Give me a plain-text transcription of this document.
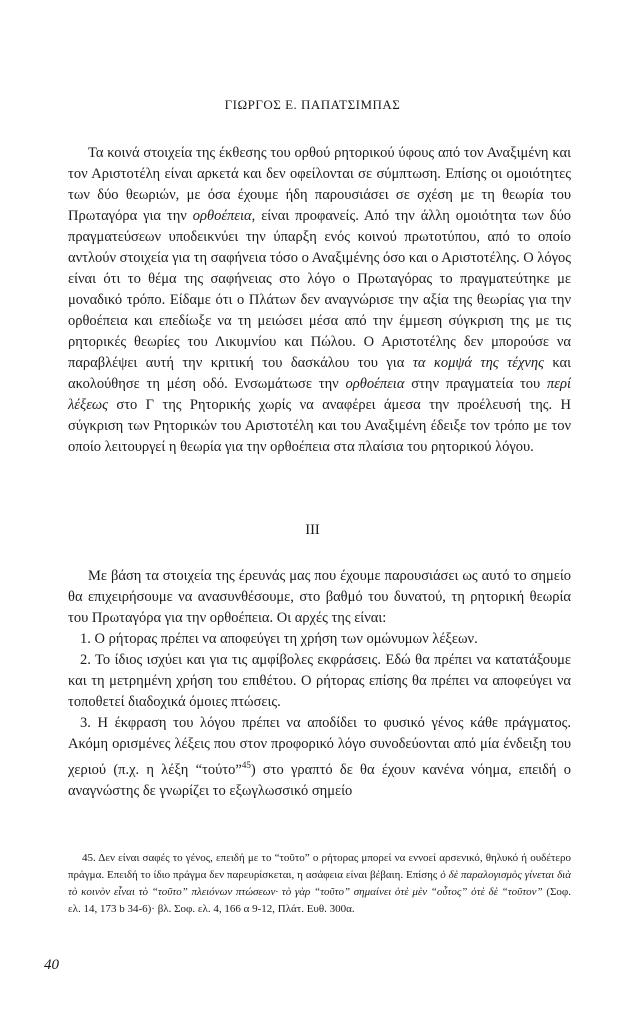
ΓΙΩΡΓΟΣ Ε. ΠΑΠΑΤΣΙΜΠΑΣ

Τα κοινά στοιχεία της έκθεσης του ορθού ρητορικού ύφους από τον Αναξιμένη και τον Αριστοτέλη είναι αρκετά και δεν οφείλονται σε σύμπτωση. Επίσης οι ομοιότητες των δύο θεωριών, με όσα έχουμε ήδη παρουσιάσει σε σχέση με τη θεωρία του Πρωταγόρα για την ορθοέπεια, είναι προφανείς. Από την άλλη ομοιότητα των δύο πραγματεύσεων υποδεικνύει την ύπαρξη ενός κοινού πρωτοτύπου, από το οποίο αντλούν στοιχεία για τη σαφήνεια τόσο ο Αναξιμένης όσο και ο Αριστοτέλης. Ο λόγος είναι ότι το θέμα της σαφήνειας στο λόγο ο Πρωταγόρας το πραγματεύτηκε με μοναδικό τρόπο. Είδαμε ότι ο Πλάτων δεν αναγνώρισε την αξία της θεωρίας για την ορθοέπεια και επεδίωξε να τη μειώσει μέσα από την έμμεση σύγκριση της με τις ρητορικές θεωρίες του Λικυμνίου και Πώλου. Ο Αριστοτέλης δεν μπορούσε να παραβλέψει αυτή την κριτική του δασκάλου του για τα κομψά της τέχνης και ακολούθησε τη μέση οδό. Ενσωμάτωσε την ορθοέπεια στην πραγματεία του περί λέξεως στο Γ της Ρητορικής χωρίς να αναφέρει άμεσα την προέλευσή της. Η σύγκριση των Ρητορικών του Αριστοτέλη και του Αναξιμένη έδειξε τον τρόπο με τον οποίο λειτουργεί η θεωρία για την ορθοέπεια στα πλαίσια του ρητορικού λόγου.

III

Με βάση τα στοιχεία της έρευνάς μας που έχουμε παρουσιάσει ως αυτό το σημείο θα επιχειρήσουμε να ανασυνθέσουμε, στο βαθμό του δυνατού, τη ρητορική θεωρία του Πρωταγόρα για την ορθοέπεια. Οι αρχές της είναι:

1. Ο ρήτορας πρέπει να αποφεύγει τη χρήση των ομώνυμων λέξεων.

2. Το ίδιος ισχύει και για τις αμφίβολες εκφράσεις. Εδώ θα πρέπει να κατατάξουμε και τη μετρημένη χρήση του επιθέτου. Ο ρήτορας επίσης θα πρέπει να αποφεύγει να τοποθετεί διαδοχικά όμοιες πτώσεις.

3. Η έκφραση του λόγου πρέπει να αποδίδει το φυσικό γένος κάθε πράγματος. Ακόμη ορισμένες λέξεις που στον προφορικό λόγο συνοδεύονται από μία ένδειξη του χεριού (π.χ. η λέξη “τούτο”$^{45}$) στο γραπτό δε θα έχουν κανένα νόημα, επειδή ο αναγνώστης δε γνωρίζει το εξωγλωσσικό σημείο

45. Δεν είναι σαφές το γένος, επειδή με το “τοῦτο” ο ρήτορας μπορεί να εννοεί αρσενικό, θηλυκό ή ουδέτερο πράγμα. Επειδή το ίδιο πράγμα δεν παρευρίσκεται, η ασάφεια είναι βέβαιη. Επίσης ὁ δὲ παραλογισμὸς γίνεται διὰ τὸ κοινὸν εἶναι τὸ “τοῦτο” πλειόνων πτώσεων· τὸ γὰρ “τοῦτο” σημαίνει ὁτὲ μὲν “οὗτος” ὁτὲ δὲ “τοῦτον” (Σοφ. ελ. 14, 173 b 34-6)· βλ. Σοφ. ελ. 4, 166 α 9-12, Πλάτ. Ευθ. 300α.

40
